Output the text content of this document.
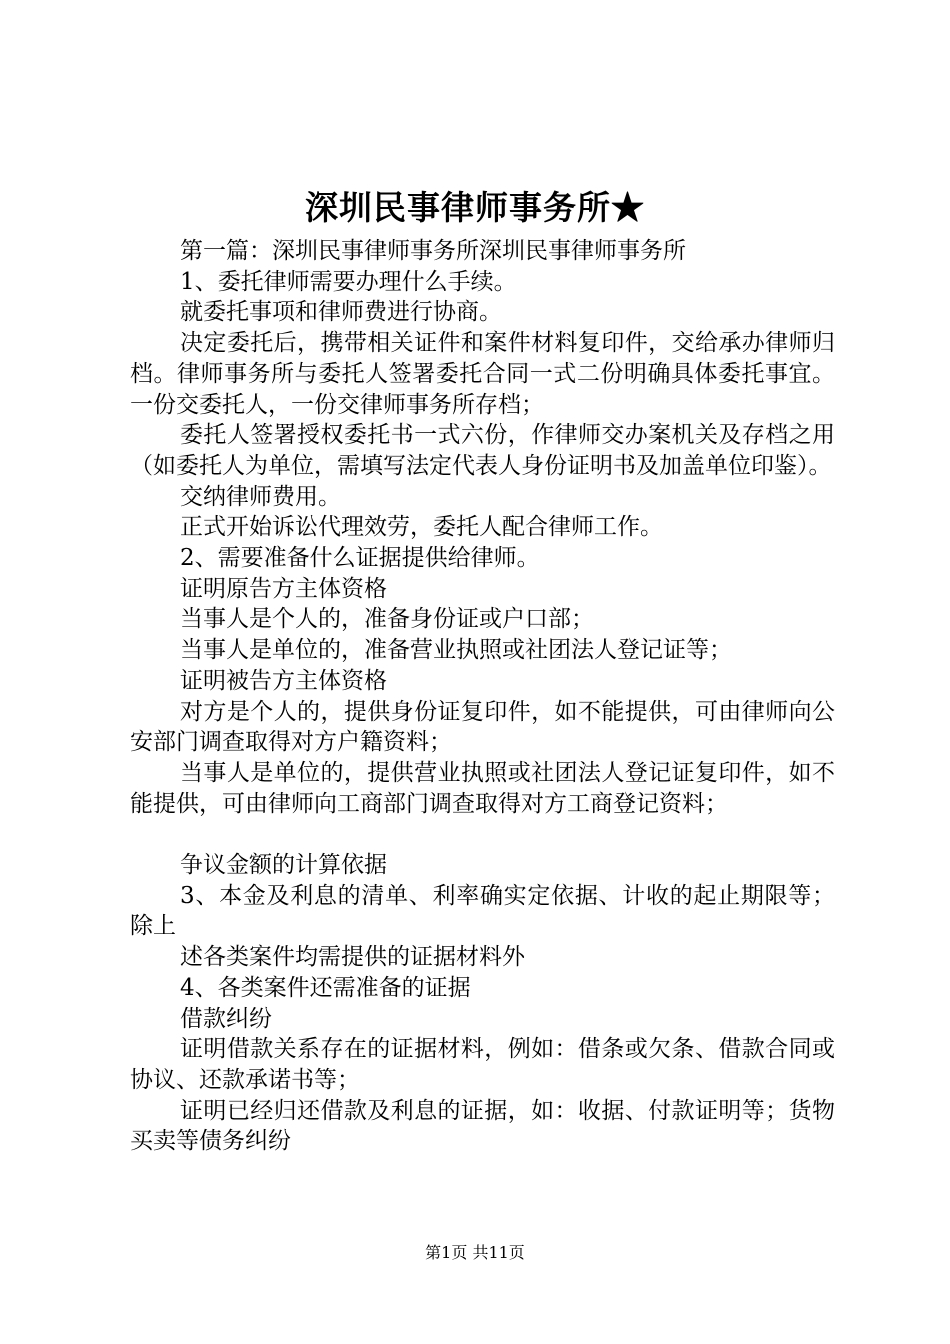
深圳民事律师事务所★

第一篇：深圳民事律师事务所深圳民事律师事务所

1、委托律师需要办理什么手续。

就委托事项和律师费进行协商。

决定委托后，携带相关证件和案件材料复印件，交给承办律师归档。律师事务所与委托人签署委托合同一式二份明确具体委托事宜。一份交委托人，一份交律师事务所存档；

委托人签署授权委托书一式六份，作律师交办案机关及存档之用（如委托人为单位，需填写法定代表人身份证明书及加盖单位印鉴）。

交纳律师费用。

正式开始诉讼代理效劳，委托人配合律师工作。

2、需要准备什么证据提供给律师。

证明原告方主体资格

当事人是个人的，准备身份证或户口部；

当事人是单位的，准备营业执照或社团法人登记证等；

证明被告方主体资格

对方是个人的，提供身份证复印件，如不能提供，可由律师向公安部门调查取得对方户籍资料；

当事人是单位的，提供营业执照或社团法人登记证复印件，如不能提供，可由律师向工商部门调查取得对方工商登记资料；

争议金额的计算依据

3、本金及利息的清单、利率确实定依据、计收的起止期限等；除上

述各类案件均需提供的证据材料外

4、各类案件还需准备的证据

借款纠纷

证明借款关系存在的证据材料，例如：借条或欠条、借款合同或协议、还款承诺书等；

证明已经归还借款及利息的证据，如：收据、付款证明等；货物买卖等债务纠纷

第1页 共11页
